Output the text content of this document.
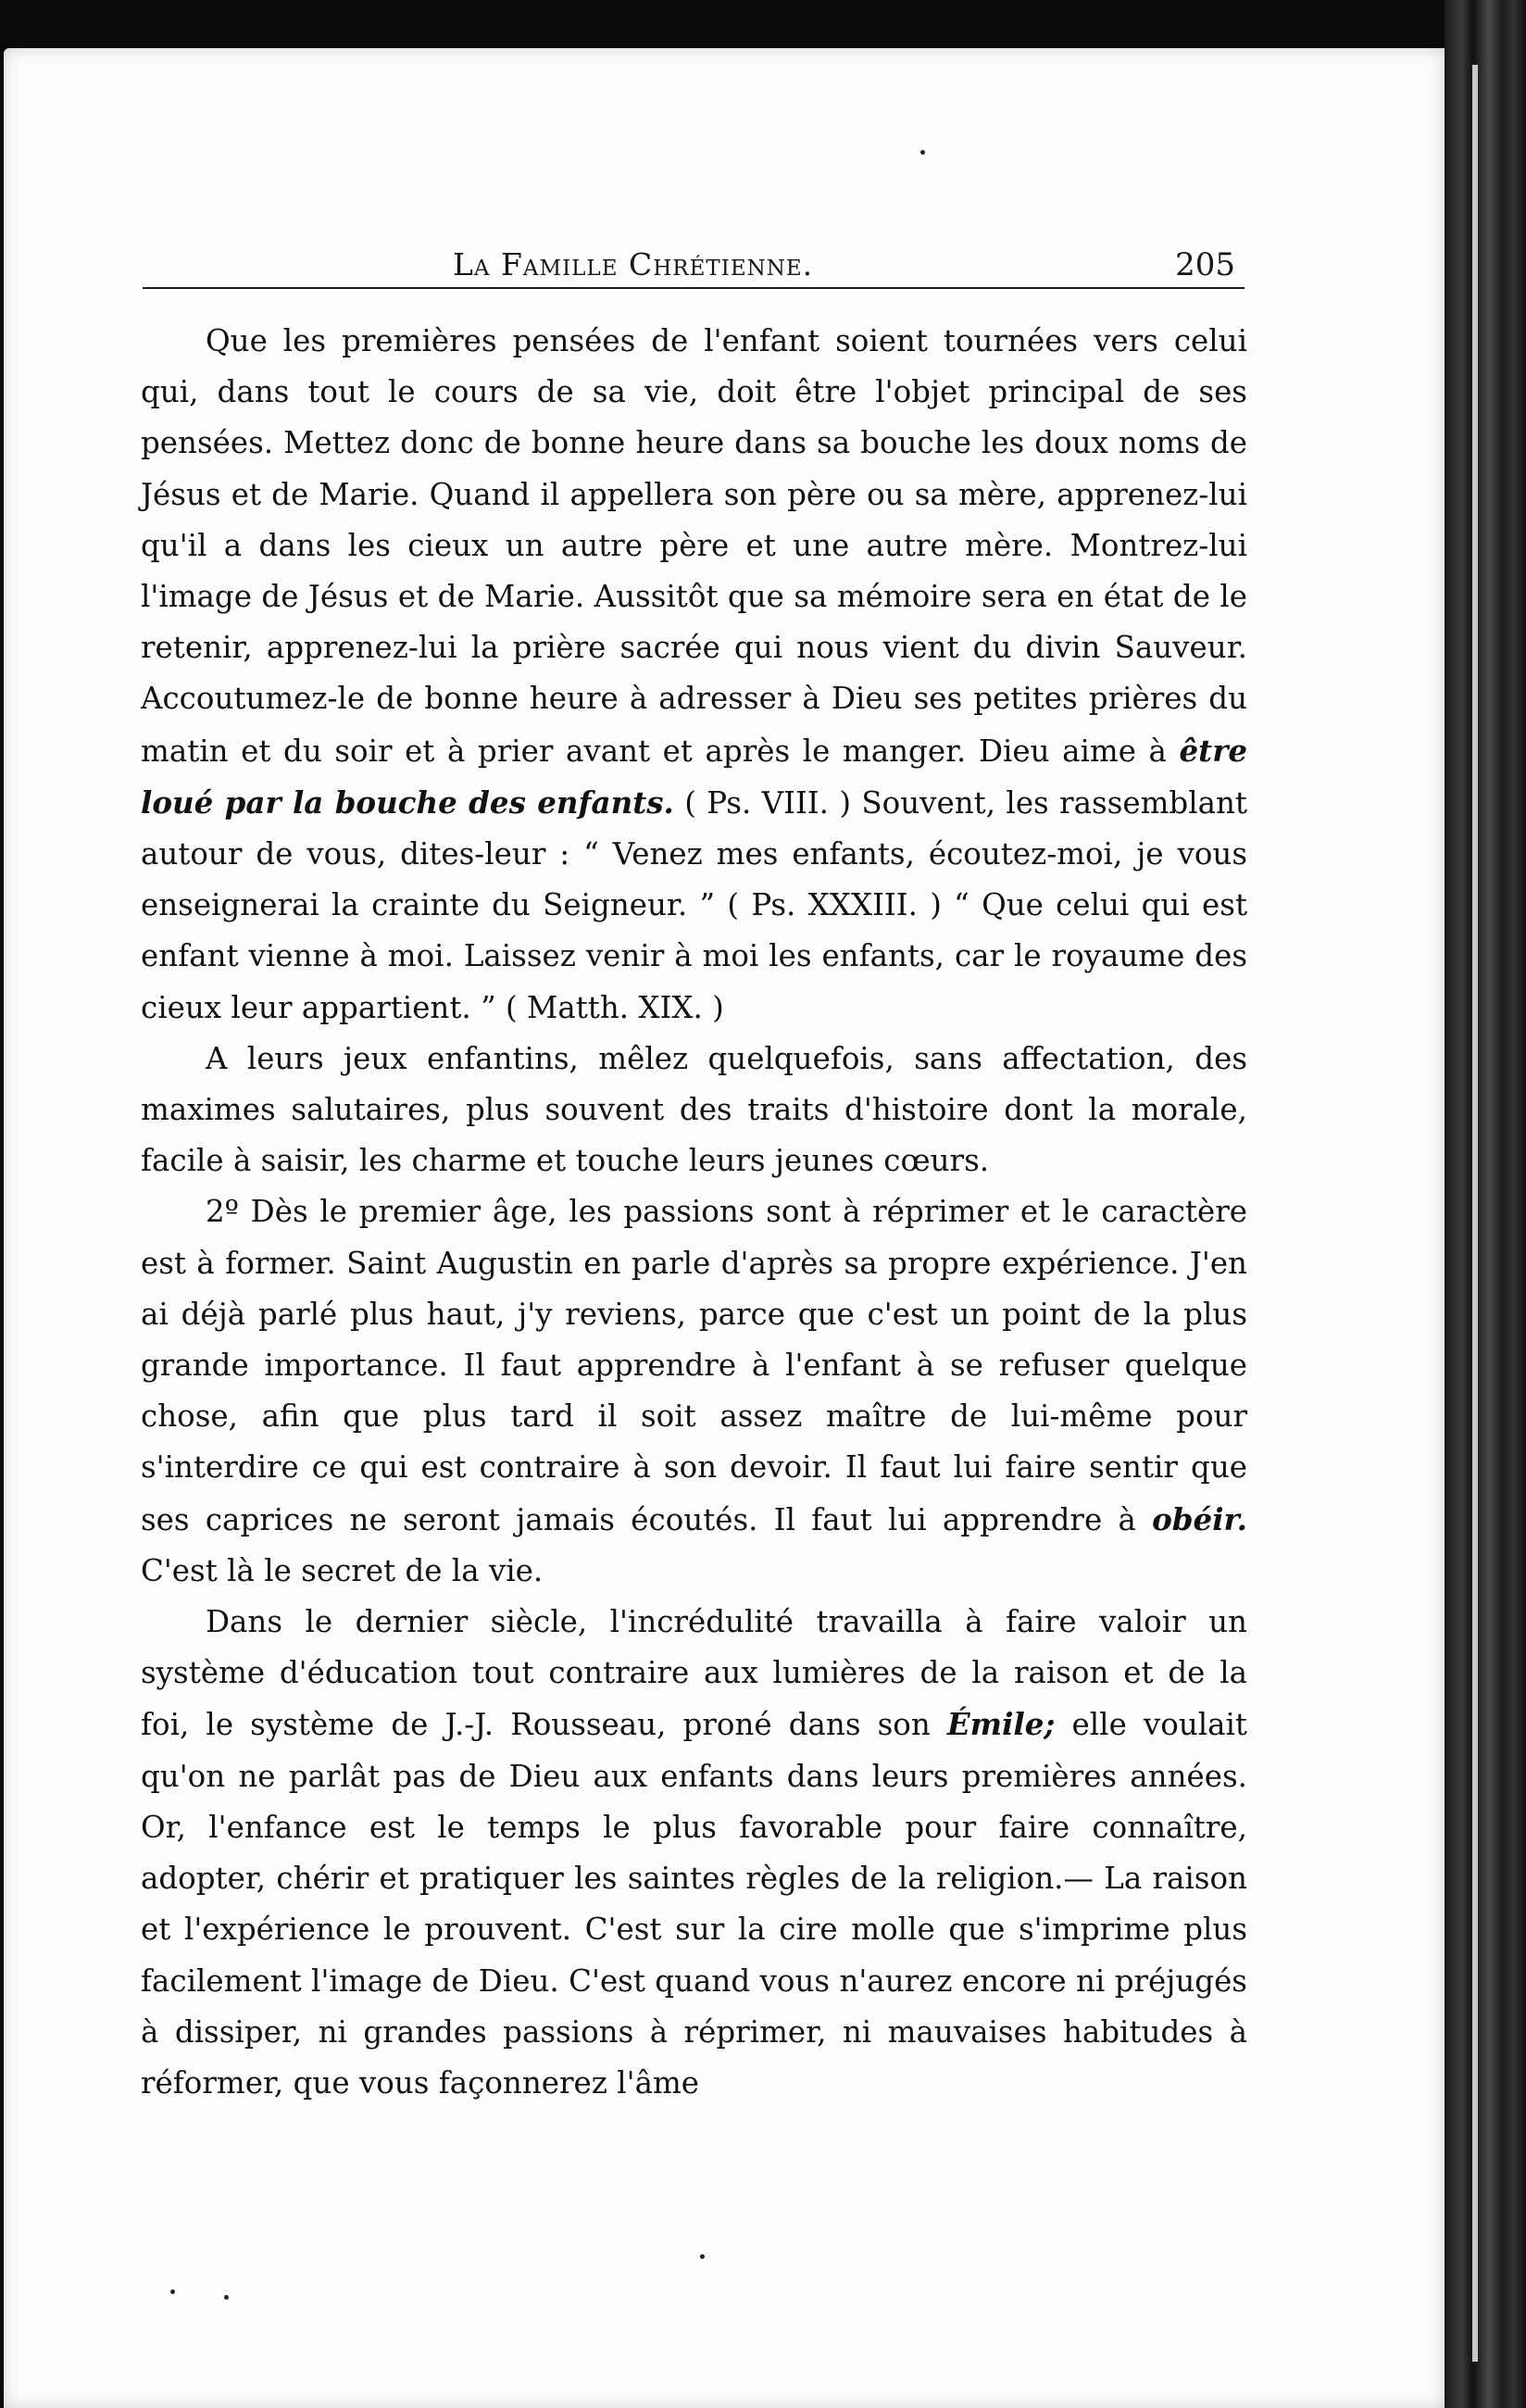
La Famille Chrétienne.	205

Que les premières pensées de l'enfant soient tournées vers celui qui, dans tout le cours de sa vie, doit être l'objet principal de ses pensées. Mettez donc de bonne heure dans sa bouche les doux noms de Jésus et de Marie. Quand il appellera son père ou sa mère, apprenez-lui qu'il a dans les cieux un autre père et une autre mère. Montrez-lui l'image de Jésus et de Marie. Aussitôt que sa mémoire sera en état de le retenir, apprenez-lui la prière sacrée qui nous vient du divin Sauveur. Accoutumez-le de bonne heure à adresser à Dieu ses petites prières du matin et du soir et à prier avant et après le manger. Dieu aime à être loué par la bouche des enfants. ( Ps. VIII. ) Souvent, les rassemblant autour de vous, dites-leur : “ Venez mes enfants, écoutez-moi, je vous enseignerai la crainte du Seigneur. ” ( Ps. XXXIII. ) “ Que celui qui est enfant vienne à moi. Laissez venir à moi les enfants, car le royaume des cieux leur appartient. ” ( Matth. XIX. )

A leurs jeux enfantins, mêlez quelquefois, sans affectation, des maximes salutaires, plus souvent des traits d'histoire dont la morale, facile à saisir, les charme et touche leurs jeunes cœurs.

2º Dès le premier âge, les passions sont à réprimer et le caractère est à former. Saint Augustin en parle d'après sa propre expérience. J'en ai déjà parlé plus haut, j'y reviens, parce que c'est un point de la plus grande importance. Il faut apprendre à l'enfant à se refuser quelque chose, afin que plus tard il soit assez maître de lui-même pour s'interdire ce qui est contraire à son devoir. Il faut lui faire sentir que ses caprices ne seront jamais écoutés. Il faut lui apprendre à obéir. C'est là le secret de la vie.

Dans le dernier siècle, l'incrédulité travailla à faire valoir un système d'éducation tout contraire aux lumières de la raison et de la foi, le système de J.-J. Rousseau, proné dans son Émile; elle voulait qu'on ne parlât pas de Dieu aux enfants dans leurs premières années. Or, l'enfance est le temps le plus favorable pour faire connaître, adopter, chérir et pratiquer les saintes règles de la religion.— La raison et l'expérience le prouvent. C'est sur la cire molle que s'imprime plus facilement l'image de Dieu. C'est quand vous n'aurez encore ni préjugés à dissiper, ni grandes passions à réprimer, ni mauvaises habitudes à réformer, que vous façonnerez l'âme
